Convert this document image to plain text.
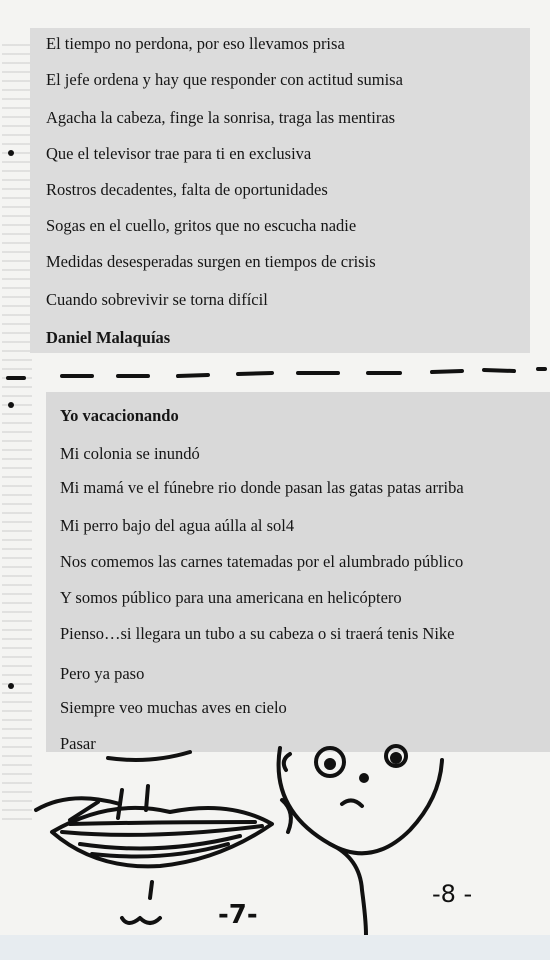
El tiempo no perdona, por eso llevamos prisa
El jefe ordena y hay que responder con actitud sumisa
Agacha la cabeza, finge la sonrisa, traga las mentiras
Que el televisor trae para ti en exclusiva
Rostros decadentes, falta de oportunidades
Sogas en el cuello, gritos que no escucha nadie
Medidas desesperadas surgen en tiempos de crisis
Cuando sobrevivir se torna difícil
Daniel Malaquías
Yo vacacionando
Mi colonia se inundó
Mi mamá ve el fúnebre rio donde pasan las gatas patas arriba
Mi perro bajo del agua aúlla al sol4
Nos comemos las carnes tatemadas por el alumbrado público
Y somos público para una americana en helicóptero
Pienso…si llegara un tubo a su cabeza o si traerá tenis Nike
Pero ya paso
Siempre veo muchas aves en cielo
Pasar
-7-
-8 -
